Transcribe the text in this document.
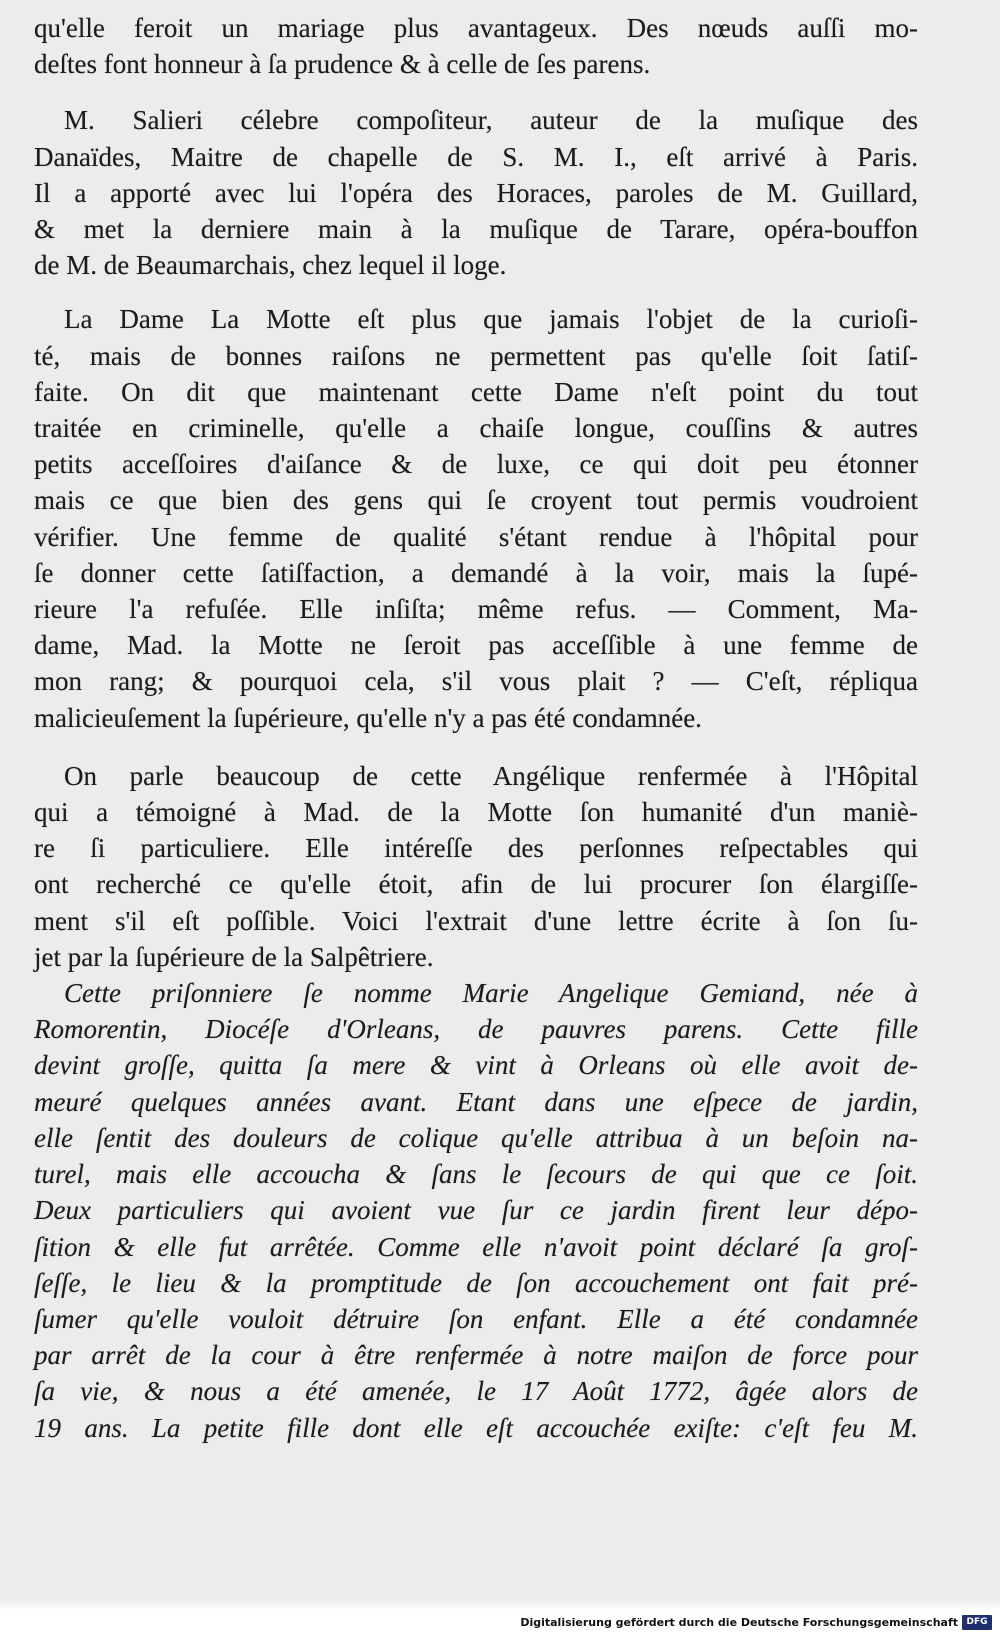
qu'elle feroit un mariage plus avantageux. Des nœuds auſſi mo-
deſtes font honneur à ſa prudence & à celle de ſes parens.
M. Salieri célebre compoſiteur, auteur de la muſique des
Danaïdes, Maitre de chapelle de S. M. I., eſt arrivé à Paris.
Il a apporté avec lui l'opéra des Horaces, paroles de M. Guillard,
& met la derniere main à la muſique de Tarare, opéra-bouffon
de M. de Beaumarchais, chez lequel il loge.
La Dame La Motte eſt plus que jamais l'objet de la curioſi-
té, mais de bonnes raiſons ne permettent pas qu'elle ſoit ſatiſ-
faite. On dit que maintenant cette Dame n'eſt point du tout
traitée en criminelle, qu'elle a chaiſe longue, couſſins & autres
petits acceſſoires d'aiſance & de luxe, ce qui doit peu étonner
mais ce que bien des gens qui ſe croyent tout permis voudroient
vérifier. Une femme de qualité s'étant rendue à l'hôpital pour
ſe donner cette ſatiſfaction, a demandé à la voir, mais la ſupé-
rieure l'a refuſée. Elle inſiſta; même refus. — Comment, Ma-
dame, Mad. la Motte ne ſeroit pas acceſſible à une femme de
mon rang; & pourquoi cela, s'il vous plait ? — C'eſt, répliqua
malicieuſement la ſupérieure, qu'elle n'y a pas été condamnée.
On parle beaucoup de cette Angélique renfermée à l'Hôpital
qui a témoigné à Mad. de la Motte ſon humanité d'un maniè-
re ſi particuliere. Elle intéreſſe des perſonnes reſpectables qui
ont recherché ce qu'elle étoit, afin de lui procurer ſon élargiſſe-
ment s'il eſt poſſible. Voici l'extrait d'une lettre écrite à ſon ſu-
jet par la ſupérieure de la Salpêtriere.
Cette priſonniere ſe nomme Marie Angelique Gemiand, née à
Romorentin, Diocéſe d'Orleans, de pauvres parens. Cette fille
devint groſſe, quitta ſa mere & vint à Orleans où elle avoit de-
meuré quelques années avant. Etant dans une eſpece de jardin,
elle ſentit des douleurs de colique qu'elle attribua à un beſoin na-
turel, mais elle accoucha & ſans le ſecours de qui que ce ſoit.
Deux particuliers qui avoient vue ſur ce jardin firent leur dépo-
ſition & elle fut arrêtée. Comme elle n'avoit point déclaré ſa groſ-
ſeſſe, le lieu & la promptitude de ſon accouchement ont fait pré-
ſumer qu'elle vouloit détruire ſon enfant. Elle a été condamnée
par arrêt de la cour à être renfermée à notre maiſon de force pour
ſa vie, & nous a été amenée, le 17 Août 1772, âgée alors de
19 ans. La petite fille dont elle eſt accouchée exiſte: c'eſt feu M.
Digitalisierung gefördert durch die Deutsche Forschungsgemeinschaft DFG
